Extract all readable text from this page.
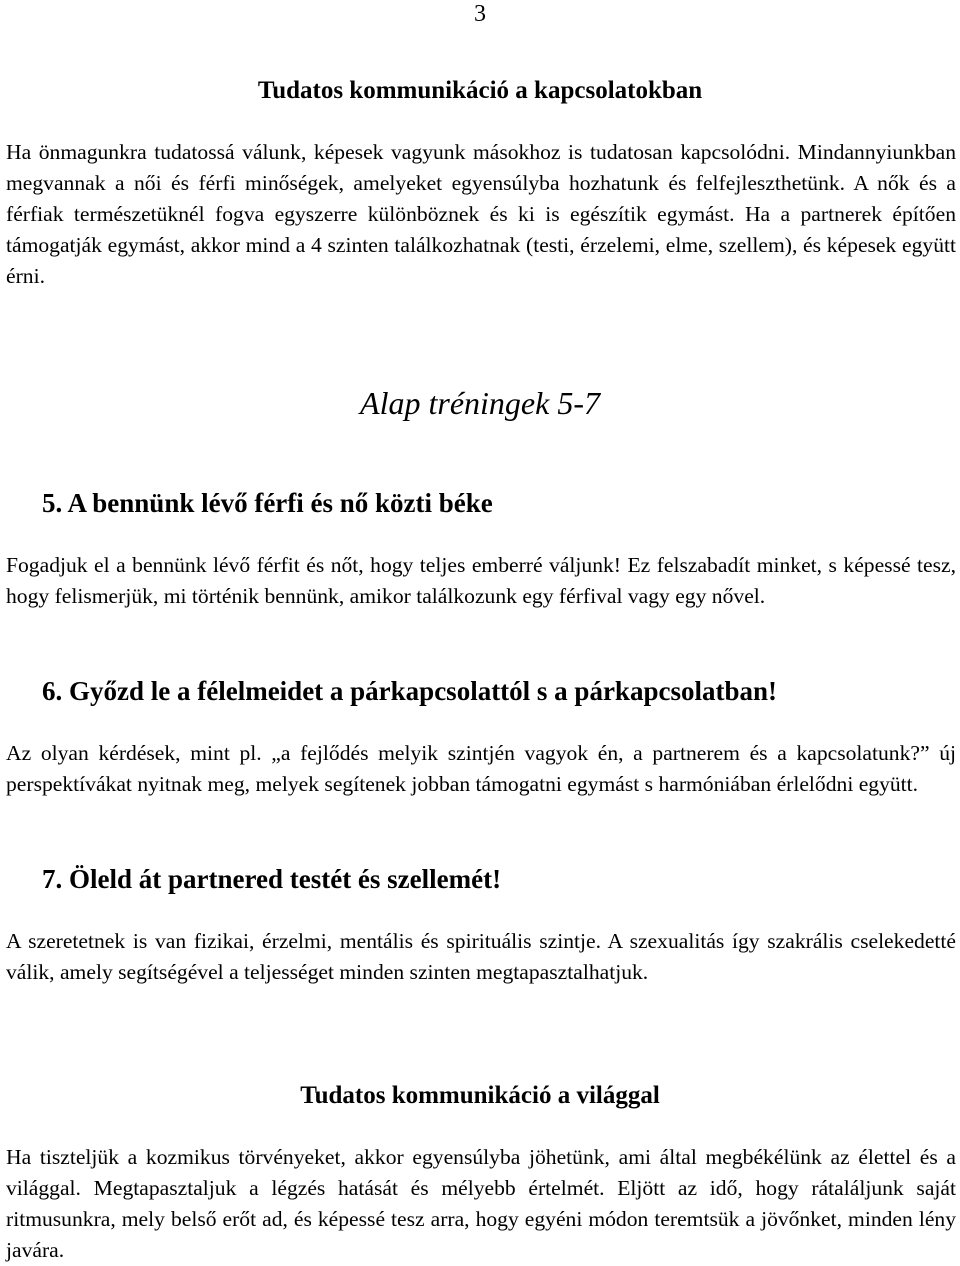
3
Tudatos kommunikáció a kapcsolatokban

Ha önmagunkra tudatossá válunk, képesek vagyunk másokhoz is tudatosan kapcsolódni. Mindannyiunkban megvannak a női és férfi minőségek, amelyeket egyensúlyba hozhatunk és felfejleszthetünk. A nők és a férfiak természetüknél fogva egyszerre különböznek és ki is egészítik egymást. Ha a partnerek építően támogatják egymást, akkor mind a 4 szinten találkozhatnak (testi, érzelemi, elme, szellem), és képesek együtt érni.

Alap tréningek 5-7
5. A bennünk lévő férfi és nő közti béke

Fogadjuk el a bennünk lévő férfit és nőt, hogy teljes emberré váljunk! Ez felszabadít minket, s képessé tesz, hogy felismerjük, mi történik bennünk, amikor találkozunk egy férfival vagy egy nővel.

6. Győzd le a félelmeidet a párkapcsolattól s a párkapcsolatban!

Az olyan kérdések, mint pl. „a fejlődés melyik szintjén vagyok én, a partnerem és a kapcsolatunk?” új perspektívákat nyitnak meg, melyek segítenek jobban támogatni egymást s harmóniában érlelődni együtt.

7. Öleld át partnered testét és szellemét!

A szeretetnek is van fizikai, érzelmi, mentális és spirituális szintje. A szexualitás így szakrális cselekedetté válik, amely segítségével a teljességet minden szinten megtapasztalhatjuk.

Tudatos kommunikáció a világgal

Ha tiszteljük a kozmikus törvényeket, akkor egyensúlyba jöhetünk, ami által megbékélünk az élettel és a világgal. Megtapasztaljuk a légzés hatását és mélyebb értelmét. Eljött az idő, hogy rátaláljunk saját ritmusunkra, mely belső erőt ad, és képessé tesz arra, hogy egyéni módon teremtsük a jövőnket, minden lény javára.
